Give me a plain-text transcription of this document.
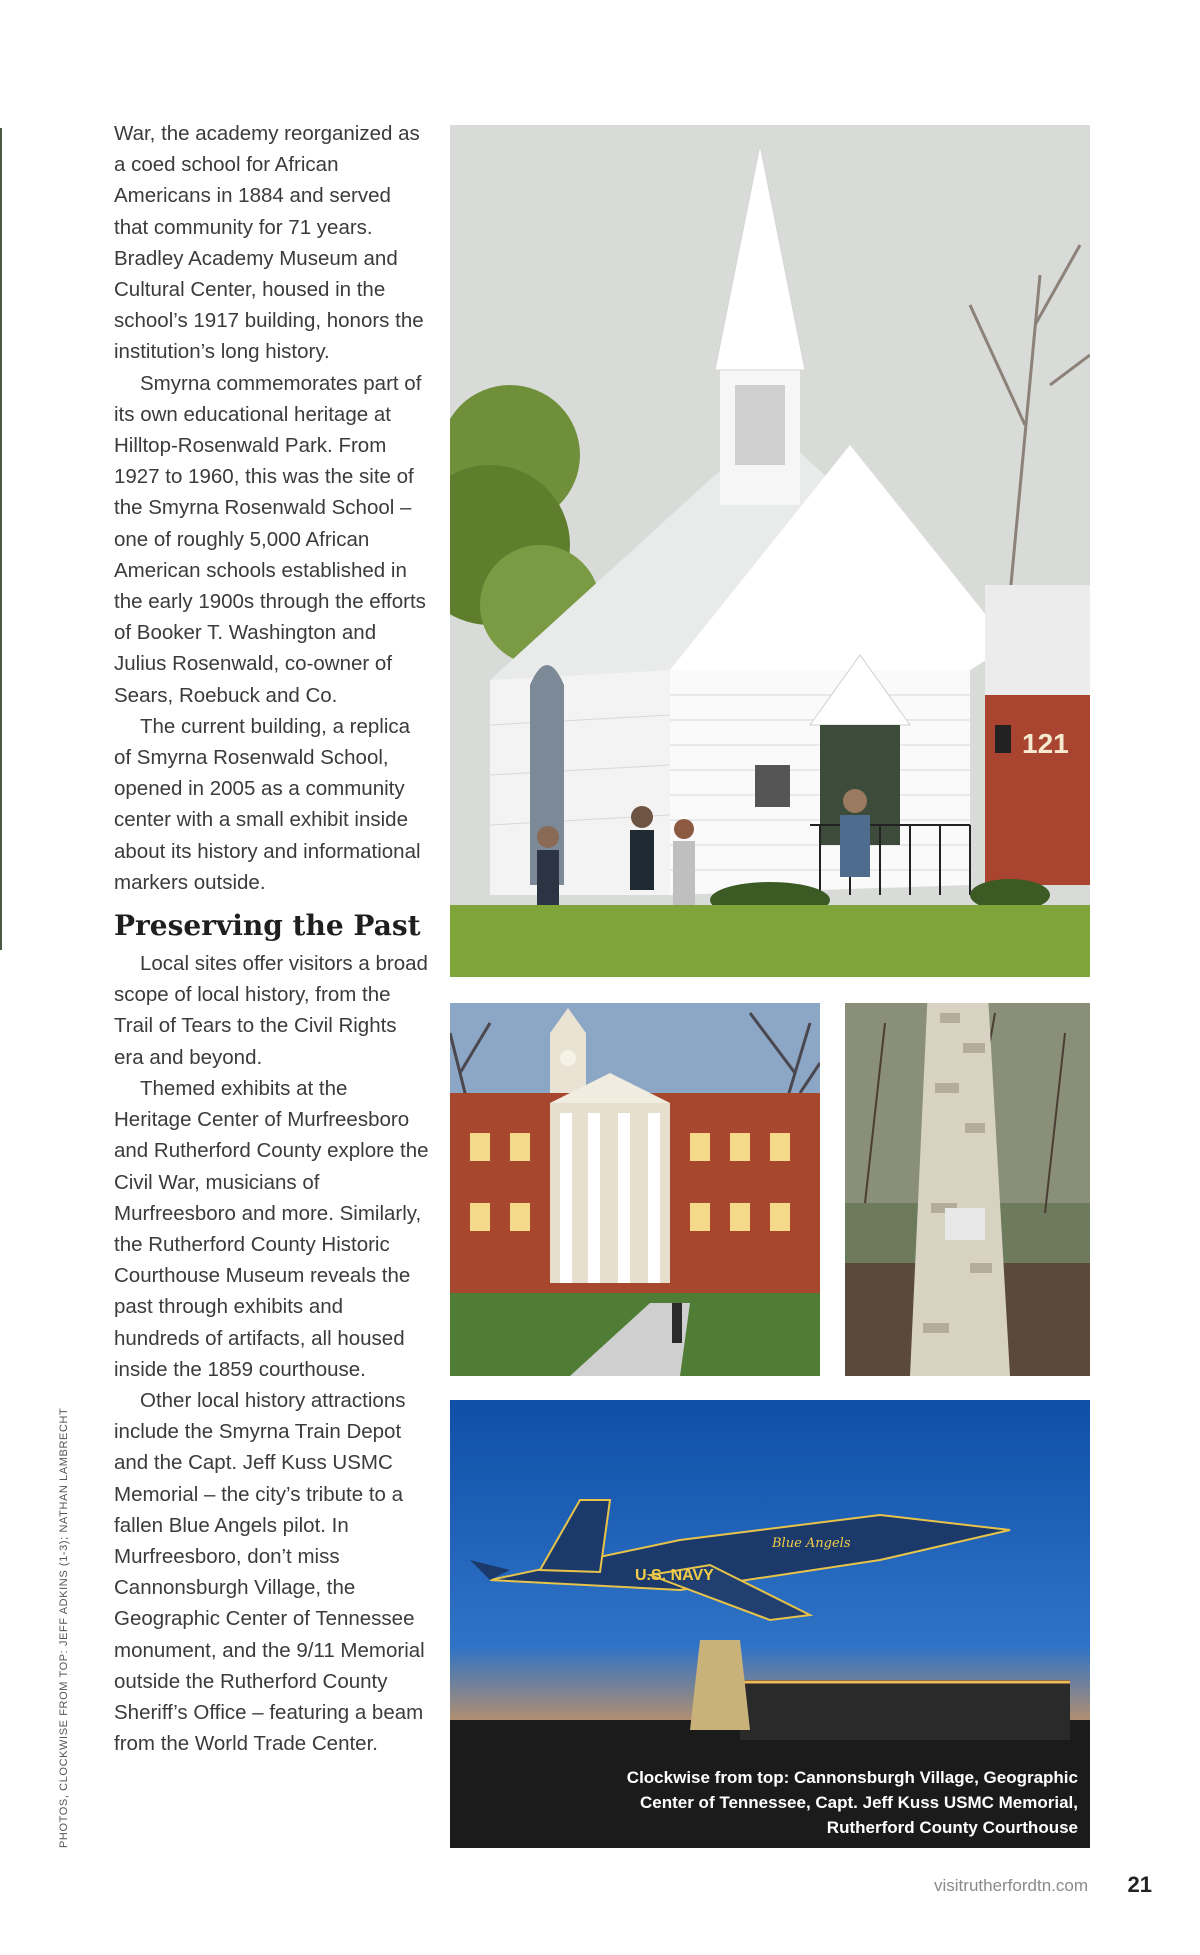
War, the academy reorganized as a coed school for African Americans in 1884 and served that community for 71 years. Bradley Academy Museum and Cultural Center, housed in the school’s 1917 building, honors the institution’s long history.

Smyrna commemorates part of its own educational heritage at Hilltop-Rosenwald Park. From 1927 to 1960, this was the site of the Smyrna Rosenwald School – one of roughly 5,000 African American schools established in the early 1900s through the efforts of Booker T. Washington and Julius Rosenwald, co-owner of Sears, Roebuck and Co.

The current building, a replica of Smyrna Rosenwald School, opened in 2005 as a community center with a small exhibit inside about its history and informational markers outside.

Preserving the Past

Local sites offer visitors a broad scope of local history, from the Trail of Tears to the Civil Rights era and beyond.

Themed exhibits at the Heritage Center of Murfreesboro and Rutherford County explore the Civil War, musicians of Murfreesboro and more. Similarly, the Rutherford County Historic Courthouse Museum reveals the past through exhibits and hundreds of artifacts, all housed inside the 1859 courthouse.

Other local history attractions include the Smyrna Train Depot and the Capt. Jeff Kuss USMC Memorial – the city’s tribute to a fallen Blue Angels pilot. In Murfreesboro, don’t miss Cannonsburgh Village, the Geographic Center of Tennessee monument, and the 9/11 Memorial outside the Rutherford County Sheriff’s Office – featuring a beam from the World Trade Center.

121
U.S. NAVY
Blue Angels
Clockwise from top: Cannonsburgh Village, Geographic Center of Tennessee, Capt. Jeff Kuss USMC Memorial, Rutherford County Courthouse
PHOTOS, CLOCKWISE FROM TOP: JEFF ADKINS (1-3); NATHAN LAMBRECHT
visitrutherfordtn.com 21
